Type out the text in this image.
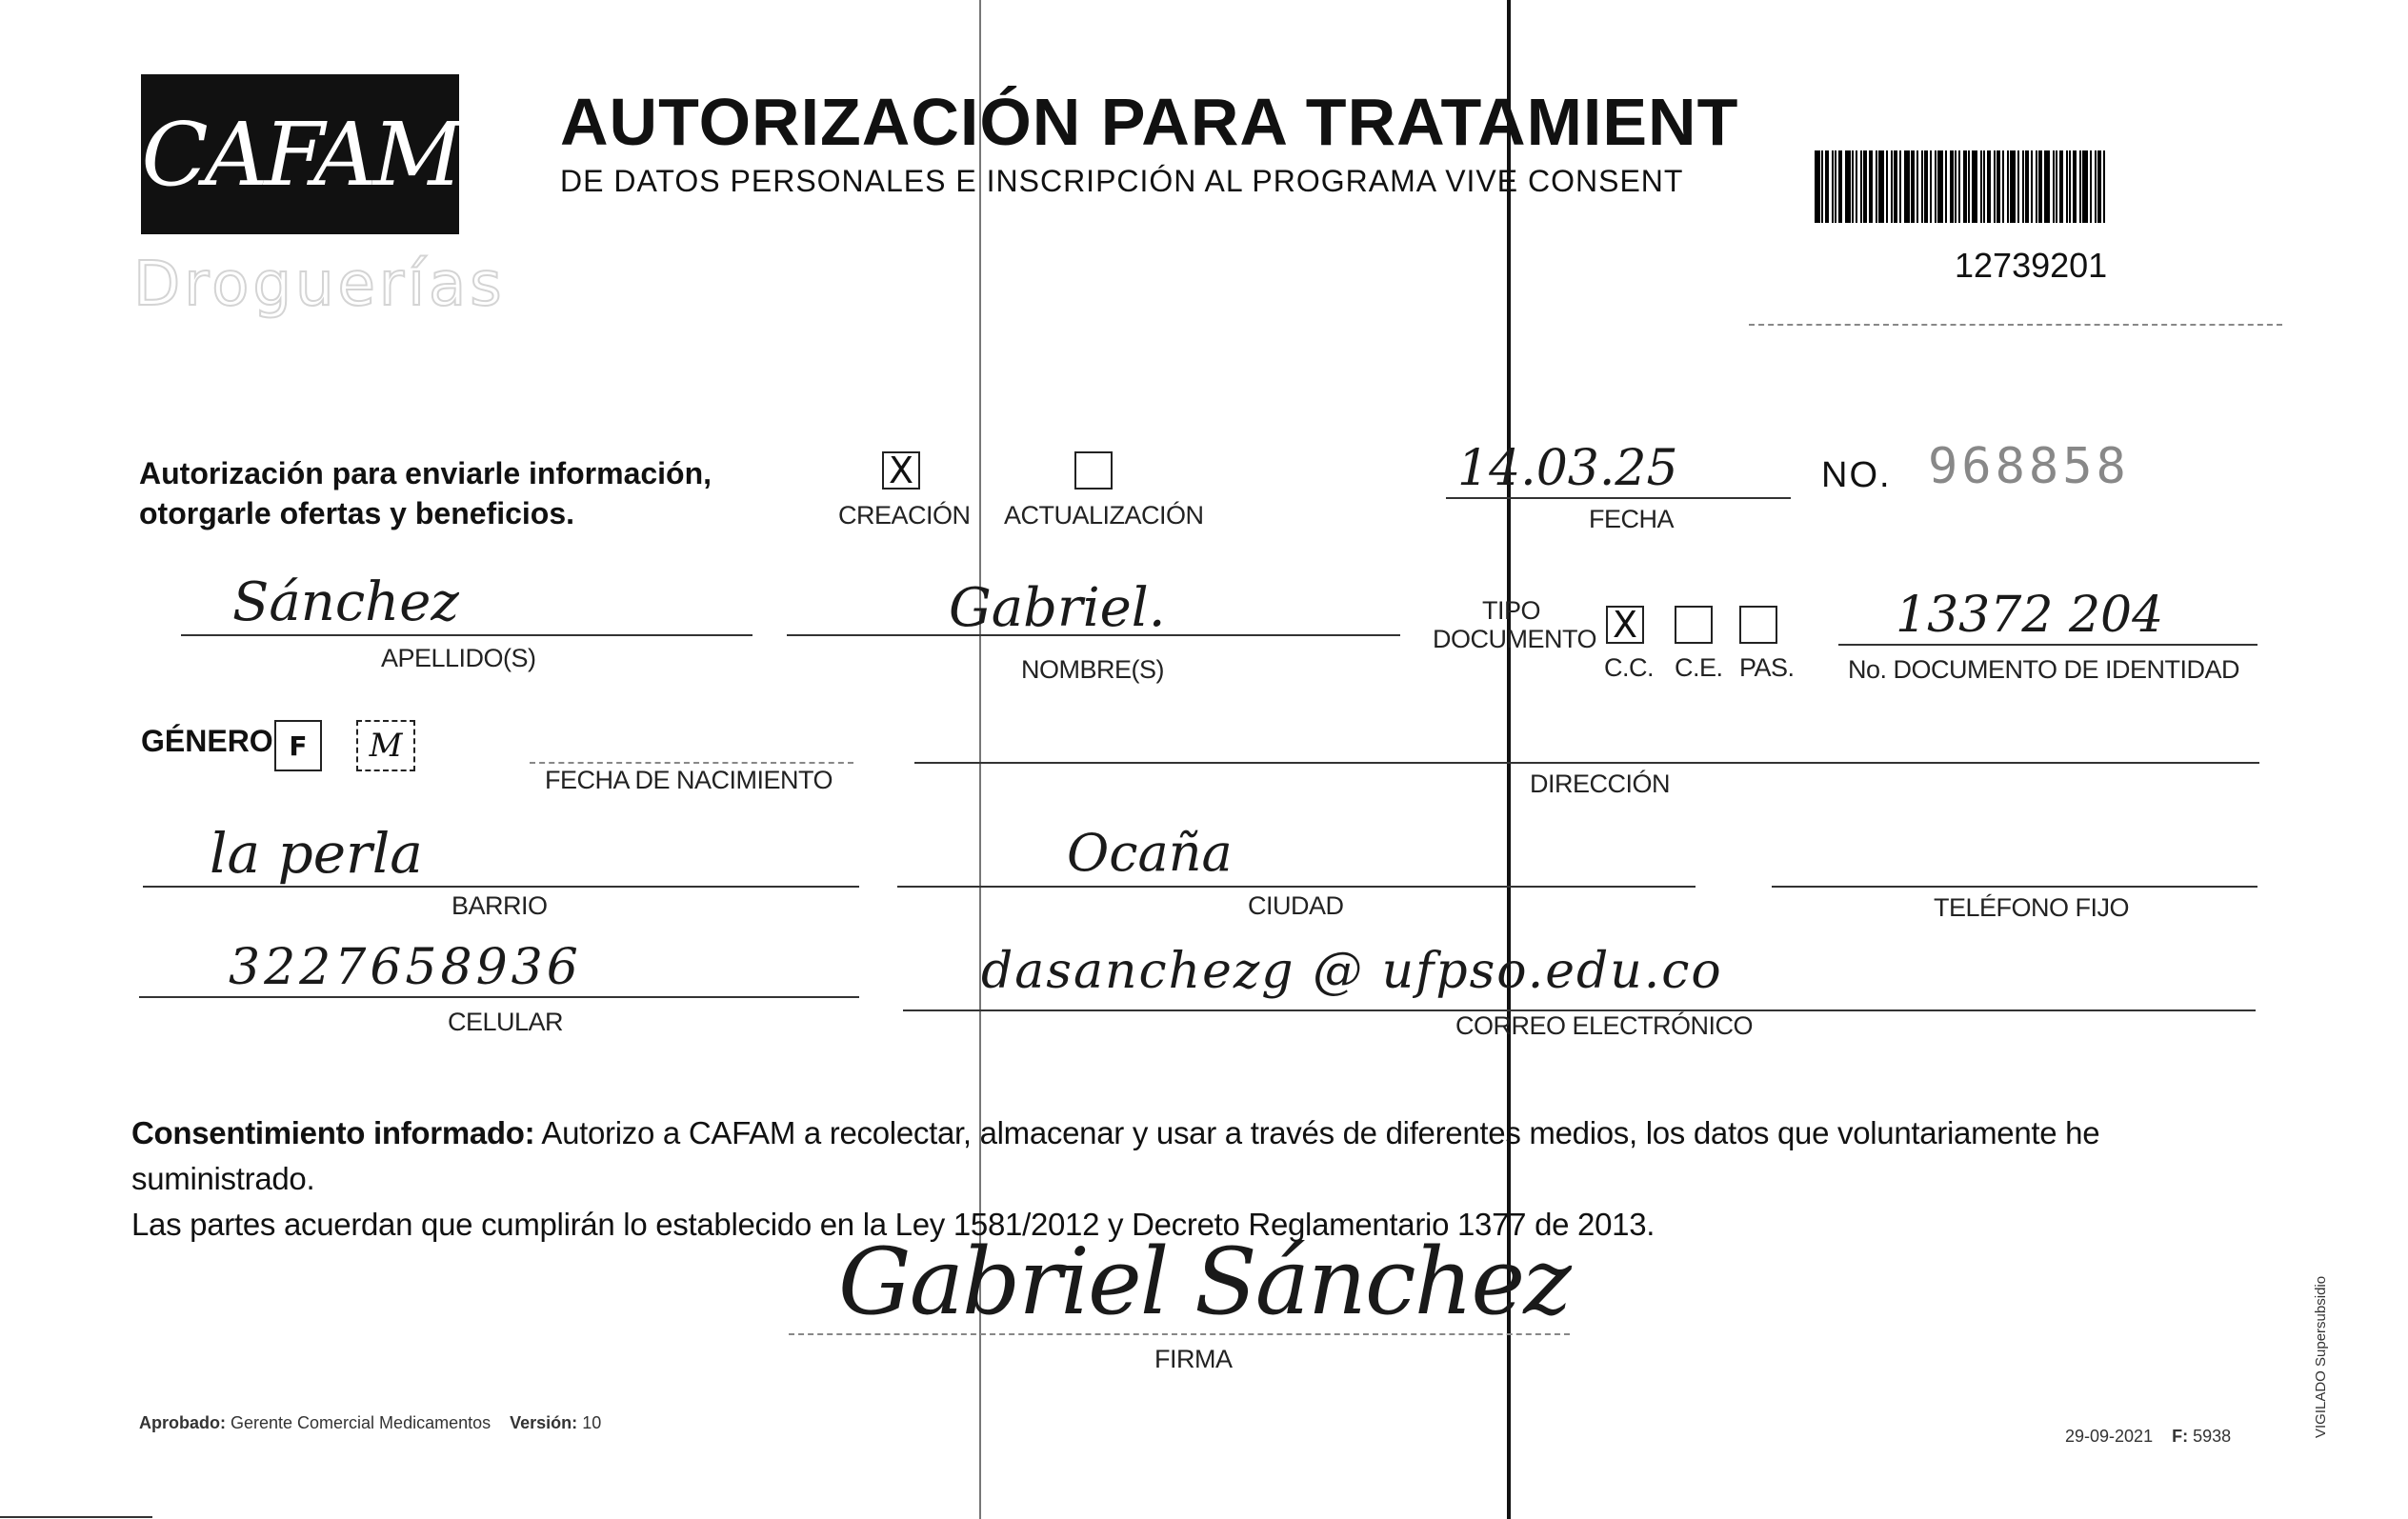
CAFAM
Droguerías
AUTORIZACIÓN PARA TRATAMIENT
DE DATOS PERSONALES E INSCRIPCIÓN AL PROGRAMA VIVE CONSENT
12739201
Autorización para enviarle información,
otorgarle ofertas y beneficios.
X
CREACIÓN ACTUALIZACIÓN
14.03.25
FECHA
NO. 968858
Sánchez
APELLIDO(S)
Gabriel.
NOMBRE(S)
TIPO
DOCUMENTO X
C.C. C.E. PAS.
13372 204
No. DOCUMENTO DE IDENTIDAD
GÉNERO F M
FECHA DE NACIMIENTO	DIRECCIÓN
la perla
BARRIO
Ocaña
CIUDAD	TELÉFONO FIJO
3227658936
CELULAR
dasanchezg @ ufpso.edu.co
CORREO ELECTRÓNICO
Consentimiento informado: Autorizo a CAFAM a recolectar, almacenar y usar a través de diferentes medios, los datos que voluntariamente he suministrado.
Las partes acuerdan que cumplirán lo establecido en la Ley 1581/2012 y Decreto Reglamentario 1377 de 2013.
Gabriel Sánchez
FIRMA
Aprobado: Gerente Comercial Medicamentos Versión: 10
29-09-2021 F: 5938	VIGILADO Supersubsidio
